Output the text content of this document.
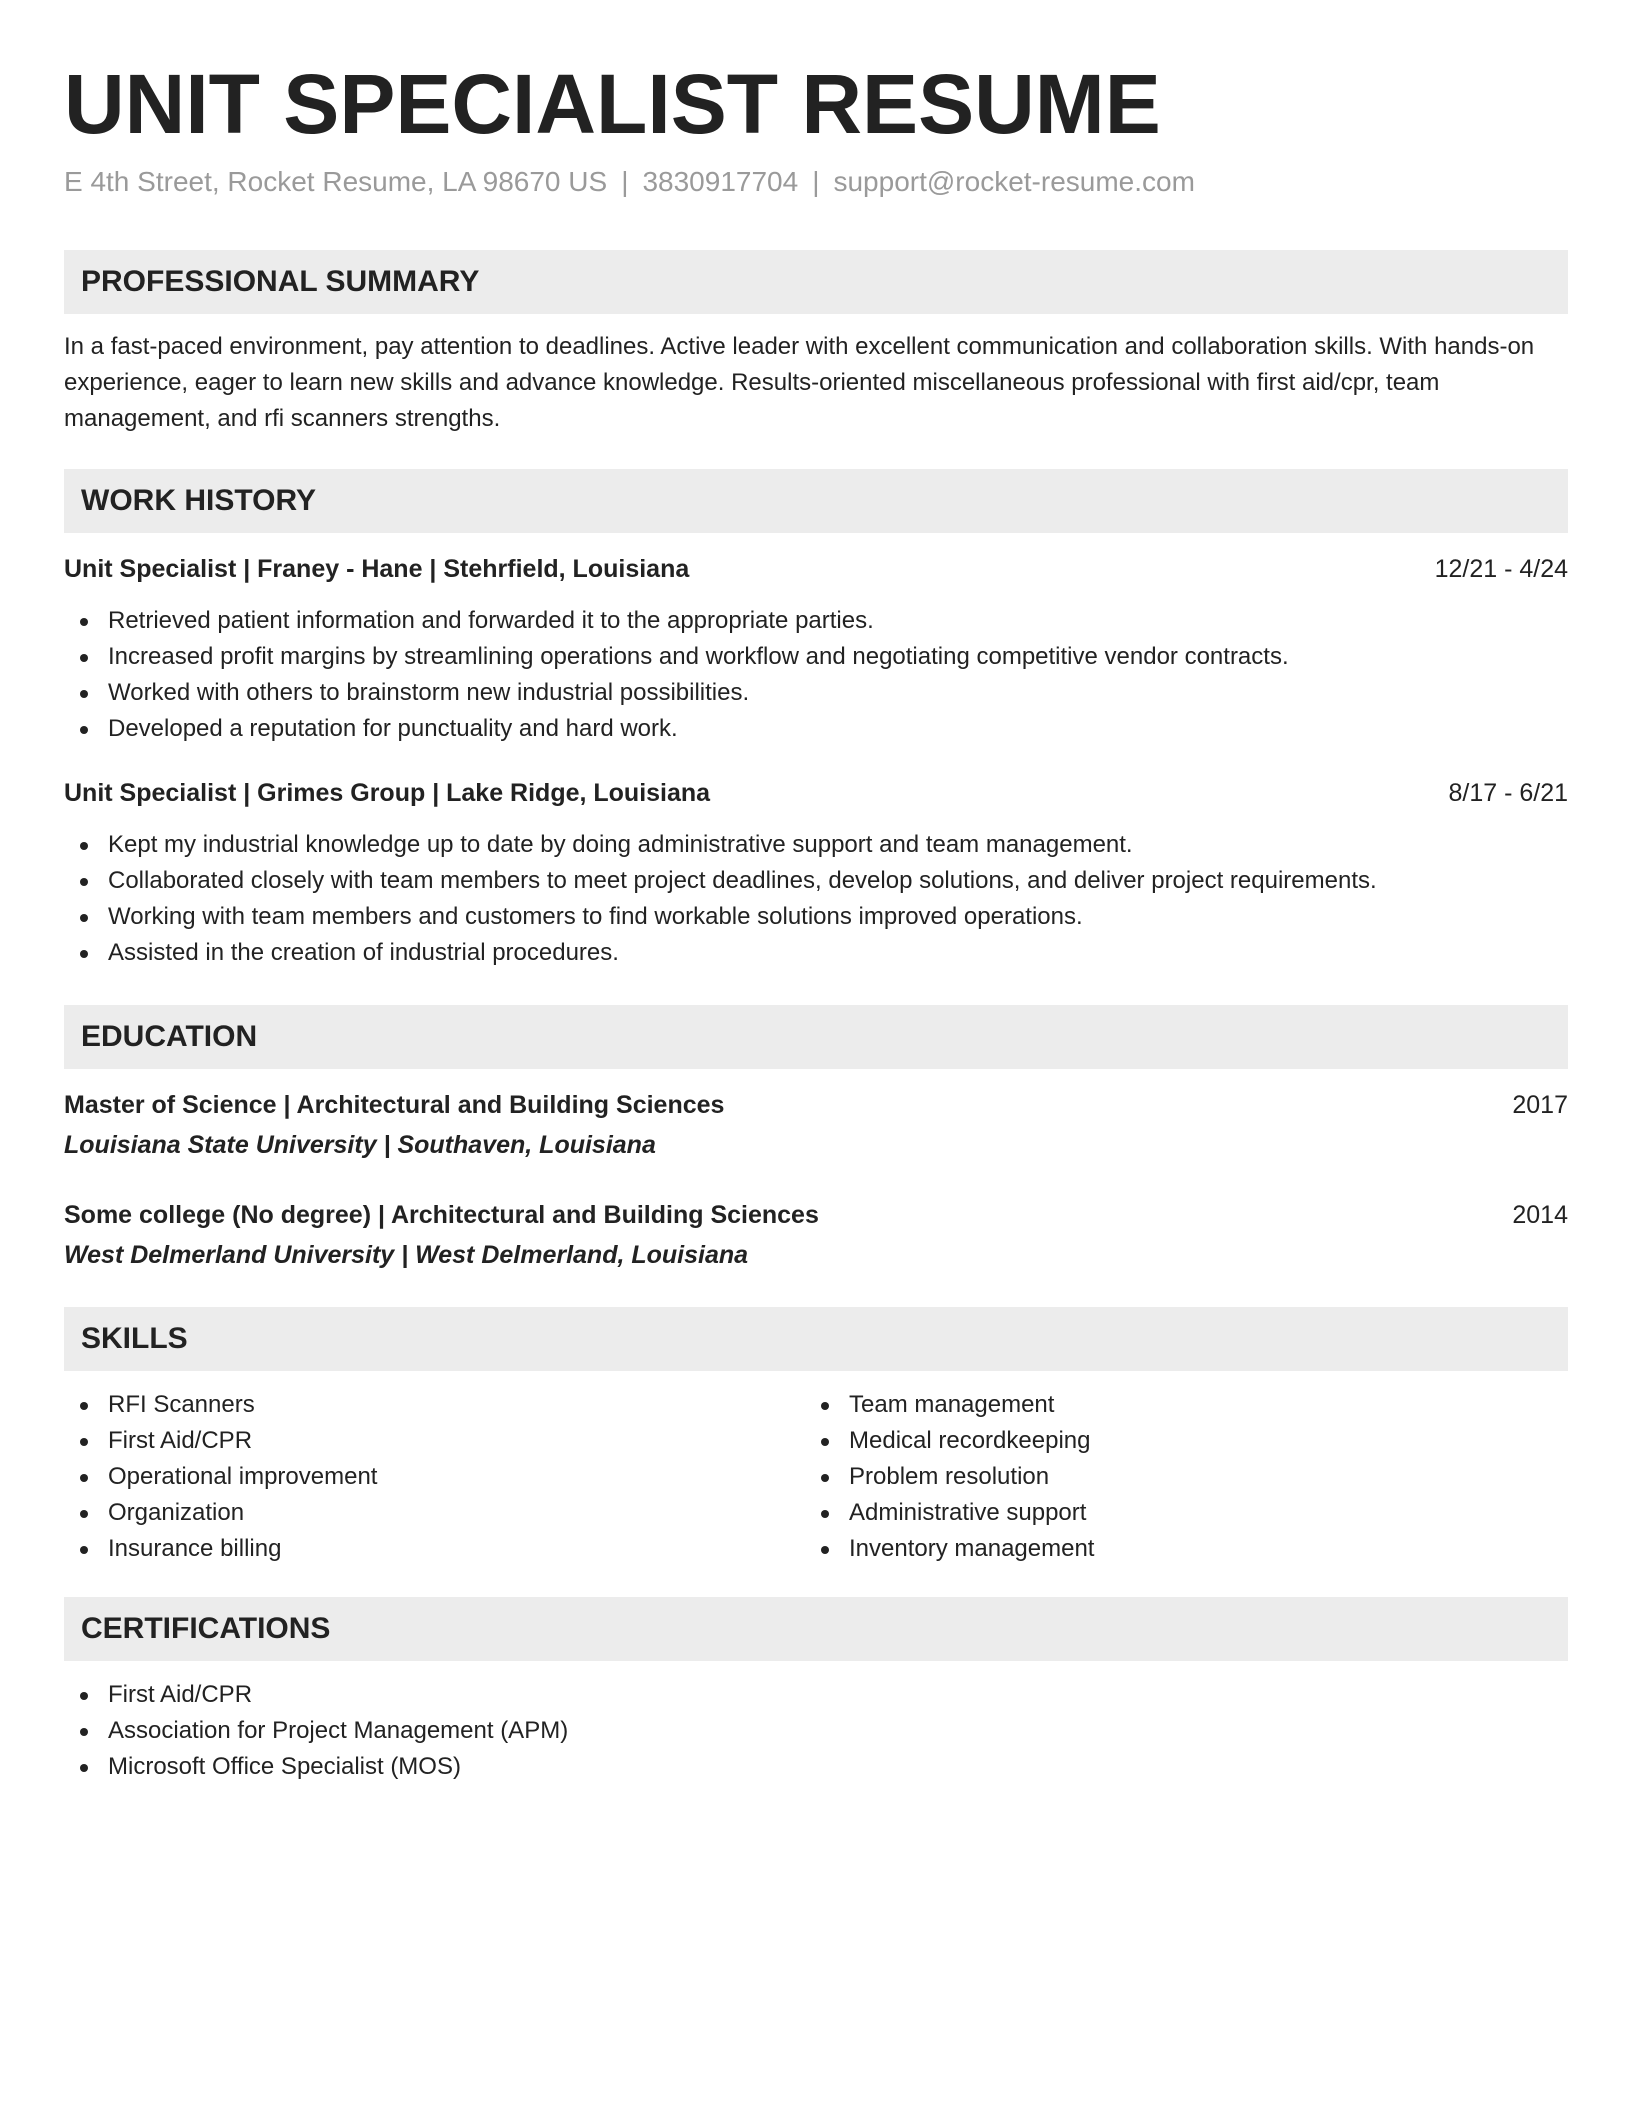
UNIT SPECIALIST RESUME
E 4th Street, Rocket Resume, LA 98670 US | 3830917704 | support@rocket-resume.com
PROFESSIONAL SUMMARY

In a fast-paced environment, pay attention to deadlines. Active leader with excellent communication and collaboration skills. With hands-on experience, eager to learn new skills and advance knowledge. Results-oriented miscellaneous professional with first aid/cpr, team management, and rfi scanners strengths.

WORK HISTORY
Unit Specialist | Franey - Hane | Stehrfield, Louisiana	12/21 - 4/24
Retrieved patient information and forwarded it to the appropriate parties.
Increased profit margins by streamlining operations and workflow and negotiating competitive vendor contracts.
Worked with others to brainstorm new industrial possibilities.
Developed a reputation for punctuality and hard work.
Unit Specialist | Grimes Group | Lake Ridge, Louisiana	8/17 - 6/21
Kept my industrial knowledge up to date by doing administrative support and team management.
Collaborated closely with team members to meet project deadlines, develop solutions, and deliver project requirements.
Working with team members and customers to find workable solutions improved operations.
Assisted in the creation of industrial procedures.
EDUCATION
Master of Science | Architectural and Building Sciences	2017
Louisiana State University | Southaven, Louisiana
Some college (No degree) | Architectural and Building Sciences	2014
West Delmerland University | West Delmerland, Louisiana
SKILLS
RFI Scanners
First Aid/CPR
Operational improvement
Organization
Insurance billing
Team management
Medical recordkeeping
Problem resolution
Administrative support
Inventory management
CERTIFICATIONS
First Aid/CPR
Association for Project Management (APM)
Microsoft Office Specialist (MOS)
